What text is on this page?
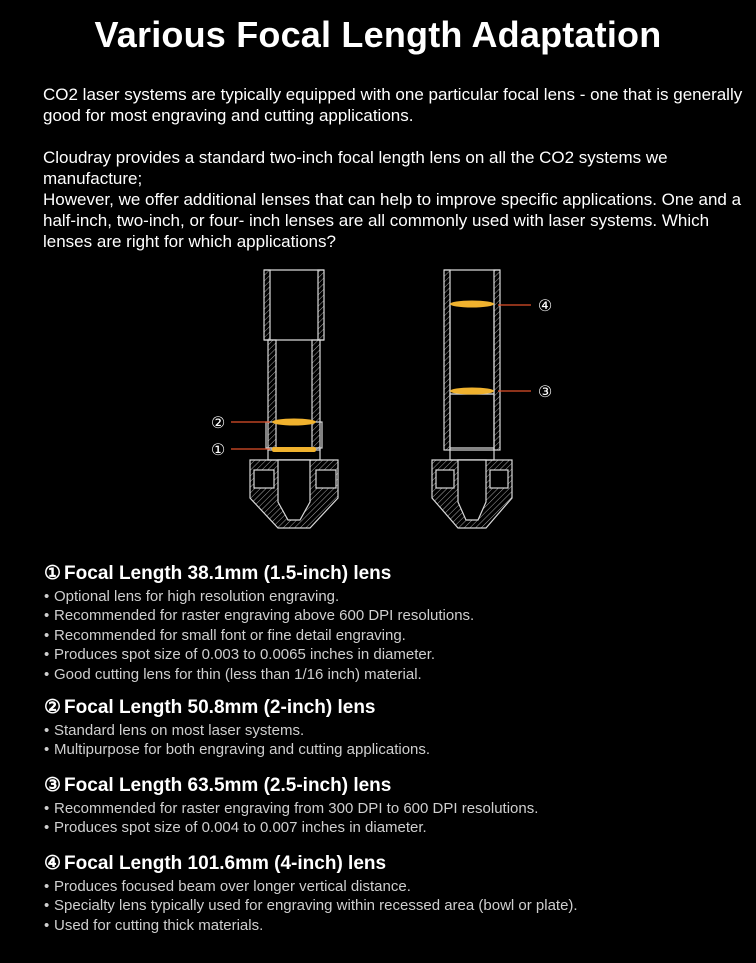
Various Focal Length Adaptation

CO2 laser systems are typically equipped with one particular focal lens - one that is generally good for most engraving and cutting applications.

Cloudray provides a standard two-inch focal length lens on all the CO2 systems we manufacture;

However, we offer additional lenses that can help to improve specific applications. One and a half-inch, two-inch, or four- inch lenses are all commonly used with laser systems. Which lenses are right for which applications?

②
①
④
③
① Focal Length 38.1mm (1.5-inch) lens
• Optional lens for high resolution engraving.
• Recommended for raster engraving above 600 DPI resolutions.
• Recommended for small font or fine detail engraving.
• Produces spot size of 0.003 to 0.0065 inches in diameter.
• Good cutting lens for thin (less than 1/16 inch) material.
② Focal Length 50.8mm (2-inch) lens
• Standard lens on most laser systems.
• Multipurpose for both engraving and cutting applications.
③ Focal Length 63.5mm (2.5-inch) lens
• Recommended for raster engraving from 300 DPI to 600 DPI resolutions.
• Produces spot size of 0.004 to 0.007 inches in diameter.
④ Focal Length 101.6mm (4-inch) lens
• Produces focused beam over longer vertical distance.
• Specialty lens typically used for engraving within recessed area (bowl or plate).
• Used for cutting thick materials.
